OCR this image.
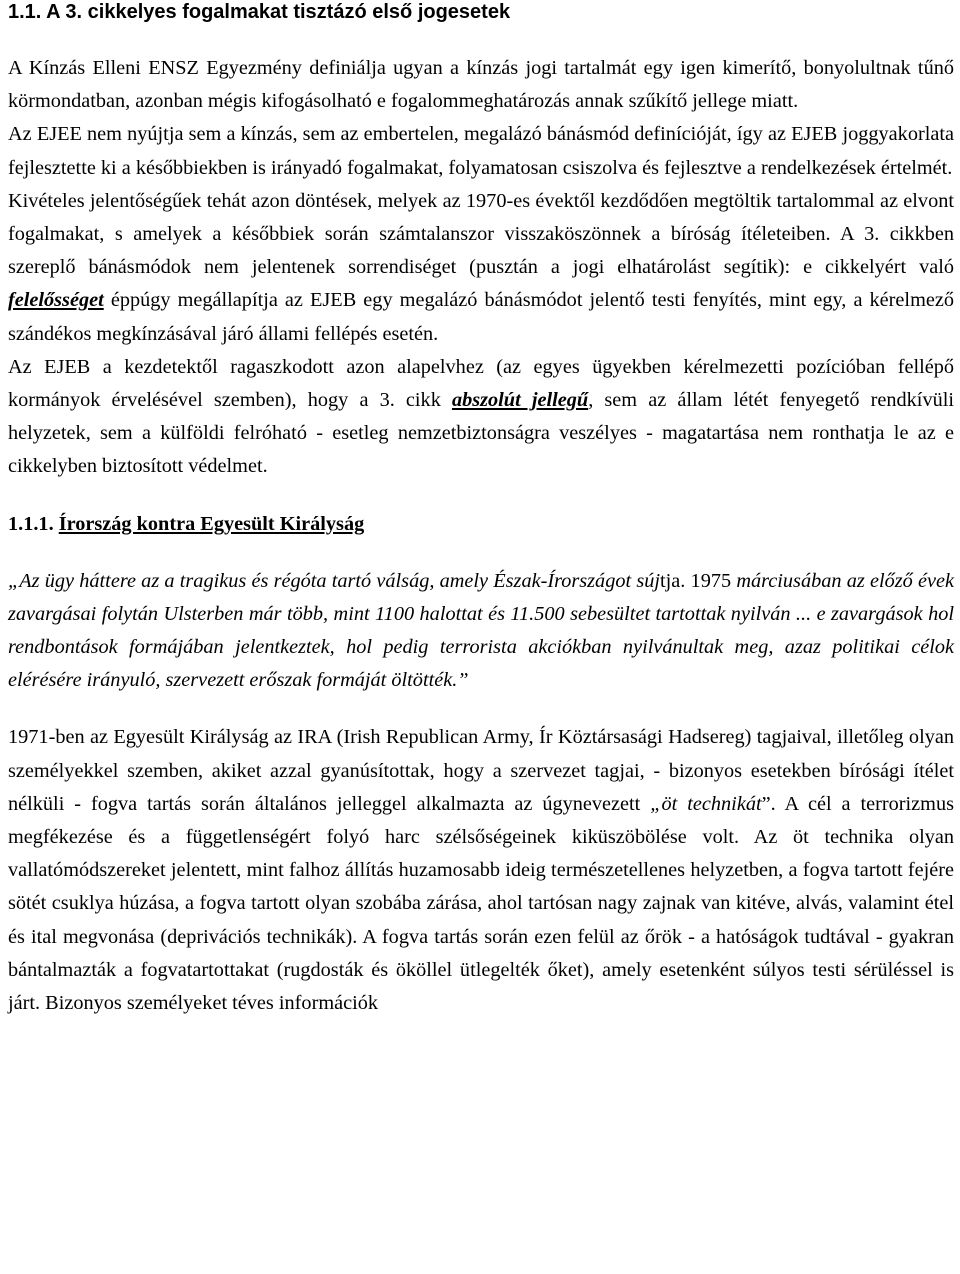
1.1. A 3. cikkelyes fogalmakat tisztázó első jogesetek

A Kínzás Elleni ENSZ Egyezmény definiálja ugyan a kínzás jogi tartalmát egy igen kimerítő, bonyolultnak tűnő körmondatban, azonban mégis kifogásolható e fogalommeghatározás annak szűkítő jellege miatt.

Az EJEE nem nyújtja sem a kínzás, sem az embertelen, megalázó bánásmód definícióját, így az EJEB joggyakorlata fejlesztette ki a későbbiekben is irányadó fogalmakat, folyamatosan csiszolva és fejlesztve a rendelkezések értelmét.

Kivételes jelentőségűek tehát azon döntések, melyek az 1970-es évektől kezdődően megtöltik tartalommal az elvont fogalmakat, s amelyek a későbbiek során számtalanszor visszaköszönnek a bíróság ítéleteiben. A 3. cikkben szereplő bánásmódok nem jelentenek sorrendiséget (pusztán a jogi elhatárolást segítik): e cikkelyért való felelősséget éppúgy megállapítja az EJEB egy megalázó bánásmódot jelentő testi fenyítés, mint egy, a kérelmező szándékos megkínzásával járó állami fellépés esetén.

Az EJEB a kezdetektől ragaszkodott azon alapelvhez (az egyes ügyekben kérelmezetti pozícióban fellépő kormányok érvelésével szemben), hogy a 3. cikk abszolút jellegű, sem az állam létét fenyegető rendkívüli helyzetek, sem a külföldi felróható - esetleg nemzetbiztonságra veszélyes - magatartása nem ronthatja le az e cikkelyben biztosított védelmet.

1.1.1. Írország kontra Egyesült Királyság

„Az ügy háttere az a tragikus és régóta tartó válság, amely Észak-Írországot sújtja. 1975 márciusában az előző évek zavargásai folytán Ulsterben már több, mint 1100 halottat és 11.500 sebesültet tartottak nyilván ... e zavargások hol rendbontások formájában jelentkeztek, hol pedig terrorista akciókban nyilvánultak meg, azaz politikai célok elérésére irányuló, szervezett erőszak formáját öltötték.”

1971-ben az Egyesült Királyság az IRA (Irish Republican Army, Ír Köztársasági Hadsereg) tagjaival, illetőleg olyan személyekkel szemben, akiket azzal gyanúsítottak, hogy a szervezet tagjai, - bizonyos esetekben bírósági ítélet nélküli - fogva tartás során általános jelleggel alkalmazta az úgynevezett „öt technikát”. A cél a terrorizmus megfékezése és a függetlenségért folyó harc szélsőségeinek kiküszöbölése volt. Az öt technika olyan vallatómódszereket jelentett, mint falhoz állítás huzamosabb ideig természetellenes helyzetben, a fogva tartott fejére sötét csuklya húzása, a fogva tartott olyan szobába zárása, ahol tartósan nagy zajnak van kitéve, alvás, valamint étel és ital megvonása (deprivációs technikák). A fogva tartás során ezen felül az őrök - a hatóságok tudtával - gyakran bántalmazták a fogvatartottakat (rugdosták és ököllel ütlegelték őket), amely esetenként súlyos testi sérüléssel is járt. Bizonyos személyeket téves információk
